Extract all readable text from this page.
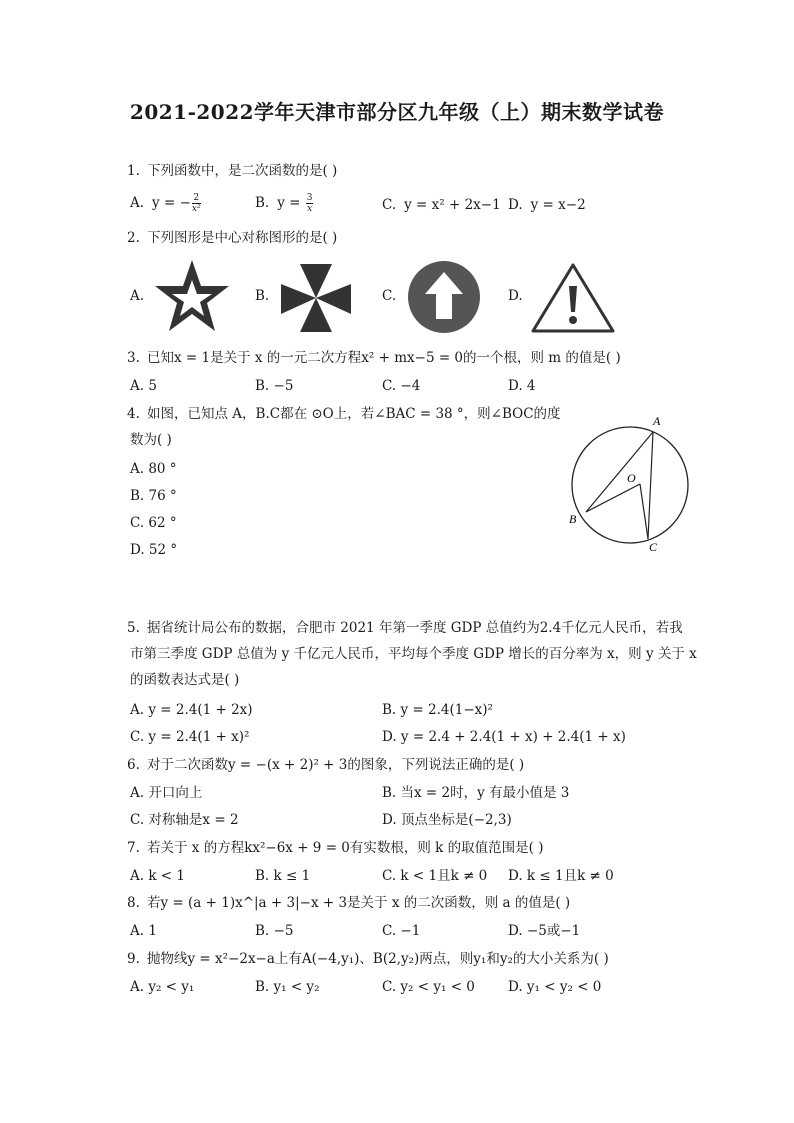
2021-2022学年天津市部分区九年级（上）期末数学试卷
1. 下列函数中，是二次函数的是( )
A. y = − $\frac{2}{\text{x²}}$	B. $y = \frac{3}{x}$	C. y = x² + 2x−1 D. y = x−2
2. 下列图形是中心对称图形的是( )
A.	B.	C.	D.
3. 已知x = 1是关于 x 的一元二次方程x² + mx−5 = 0的一个根，则 m 的值是( )
A. 5	B. −5	C. −4	D. 4
4. 如图，已知点 A，B.C都在 ⊙O上，若∠BAC = 38 °，则∠BOC的度
数为( )
A. 80 °
B. 76 °
C. 62 °
D. 52 °
A
O
B
C
5. 据省统计局公布的数据，合肥市 2021 年第一季度 GDP 总值约为2.4千亿元人民币，若我
市第三季度 GDP 总值为 y 千亿元人民币，平均每个季度 GDP 增长的百分率为 x，则 y 关于 x
的函数表达式是( )
A. y = 2.4(1 + 2x)	B. y = 2.4(1−x)²
C. y = 2.4(1 + x)²	D. y = 2.4 + 2.4(1 + x) + 2.4(1 + x)
6. 对于二次函数y = −(x + 2)² + 3的图象，下列说法正确的是( )
A. 开口向上	B. 当x = 2时，y 有最小值是 3
C. 对称轴是x = 2	D. 顶点坐标是(−2,3)
7. 若关于 x 的方程kx²−6x + 9 = 0有实数根，则 k 的取值范围是( )
A. k < 1	B. k ≤ 1	C. k < 1且k ≠ 0 D. k ≤ 1且k ≠ 0
8. 若y = (a + 1)x^|a + 3|−x + 3是关于 x 的二次函数，则 a 的值是( )
A. 1	B. −5	C. −1	D. −5或−1
9. 抛物线y = x²−2x−a上有A(−4,y₁)、B(2,y₂)两点，则y₁和y₂的大小关系为( )
A. y₂ < y₁	B. y₁ < y₂	C. y₂ < y₁ < 0 D. y₁ < y₂ < 0
